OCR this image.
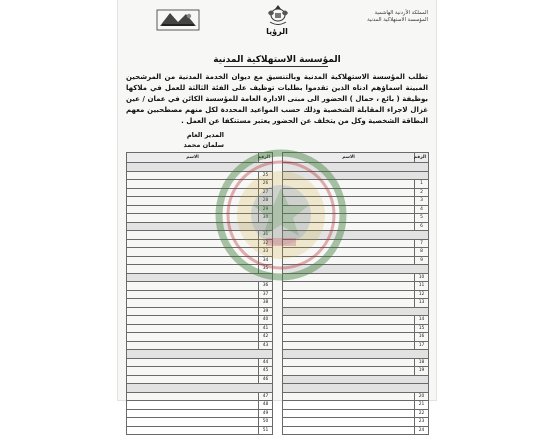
المملكة الأردنية الهاشمية
المؤسسة الاستهلاكية المدنية
الرؤيا
المؤسسة الاستهلاكية المدنية
تطلب المؤسسة الاستهلاكية المدنية وبالتنسيق مع ديوان الخدمة المدنية من المرشحين المبينة اسماؤهم ادناه الذين تقدموا بطلبات توظيف على الفئة الثالثة للعمل في ملاكها بوظيفة ( بائع ، حمال ) الحضور الى مبنى الادارة العامة للمؤسسة الكائن في عمان / عين غزال لاجراء المقابلة الشخصية وذلك حسب المواعيد المحددة لكل منهم مصطحبين معهم البطاقة الشخصية وكل من يتخلف عن الحضور يعتبر مستنكفا عن العمل .
المدير العام
سلمان محمد
الرقم	الاسم

1	
2	
3	
4	
5	
6	

7	
8	
9	

10	
11	
12	
13	

14	
15	
16	
17	

18	
19	

20	
21	
22	
23	
24	
الرقم	الاسم

25	
26	
27	
28	
29	
30	

31	
32	
33	
34	
35	

36	
37	
38	
39	
40	
41	
42	
43	

44	
45	
46	

47	
48	
49	
50	
51	
